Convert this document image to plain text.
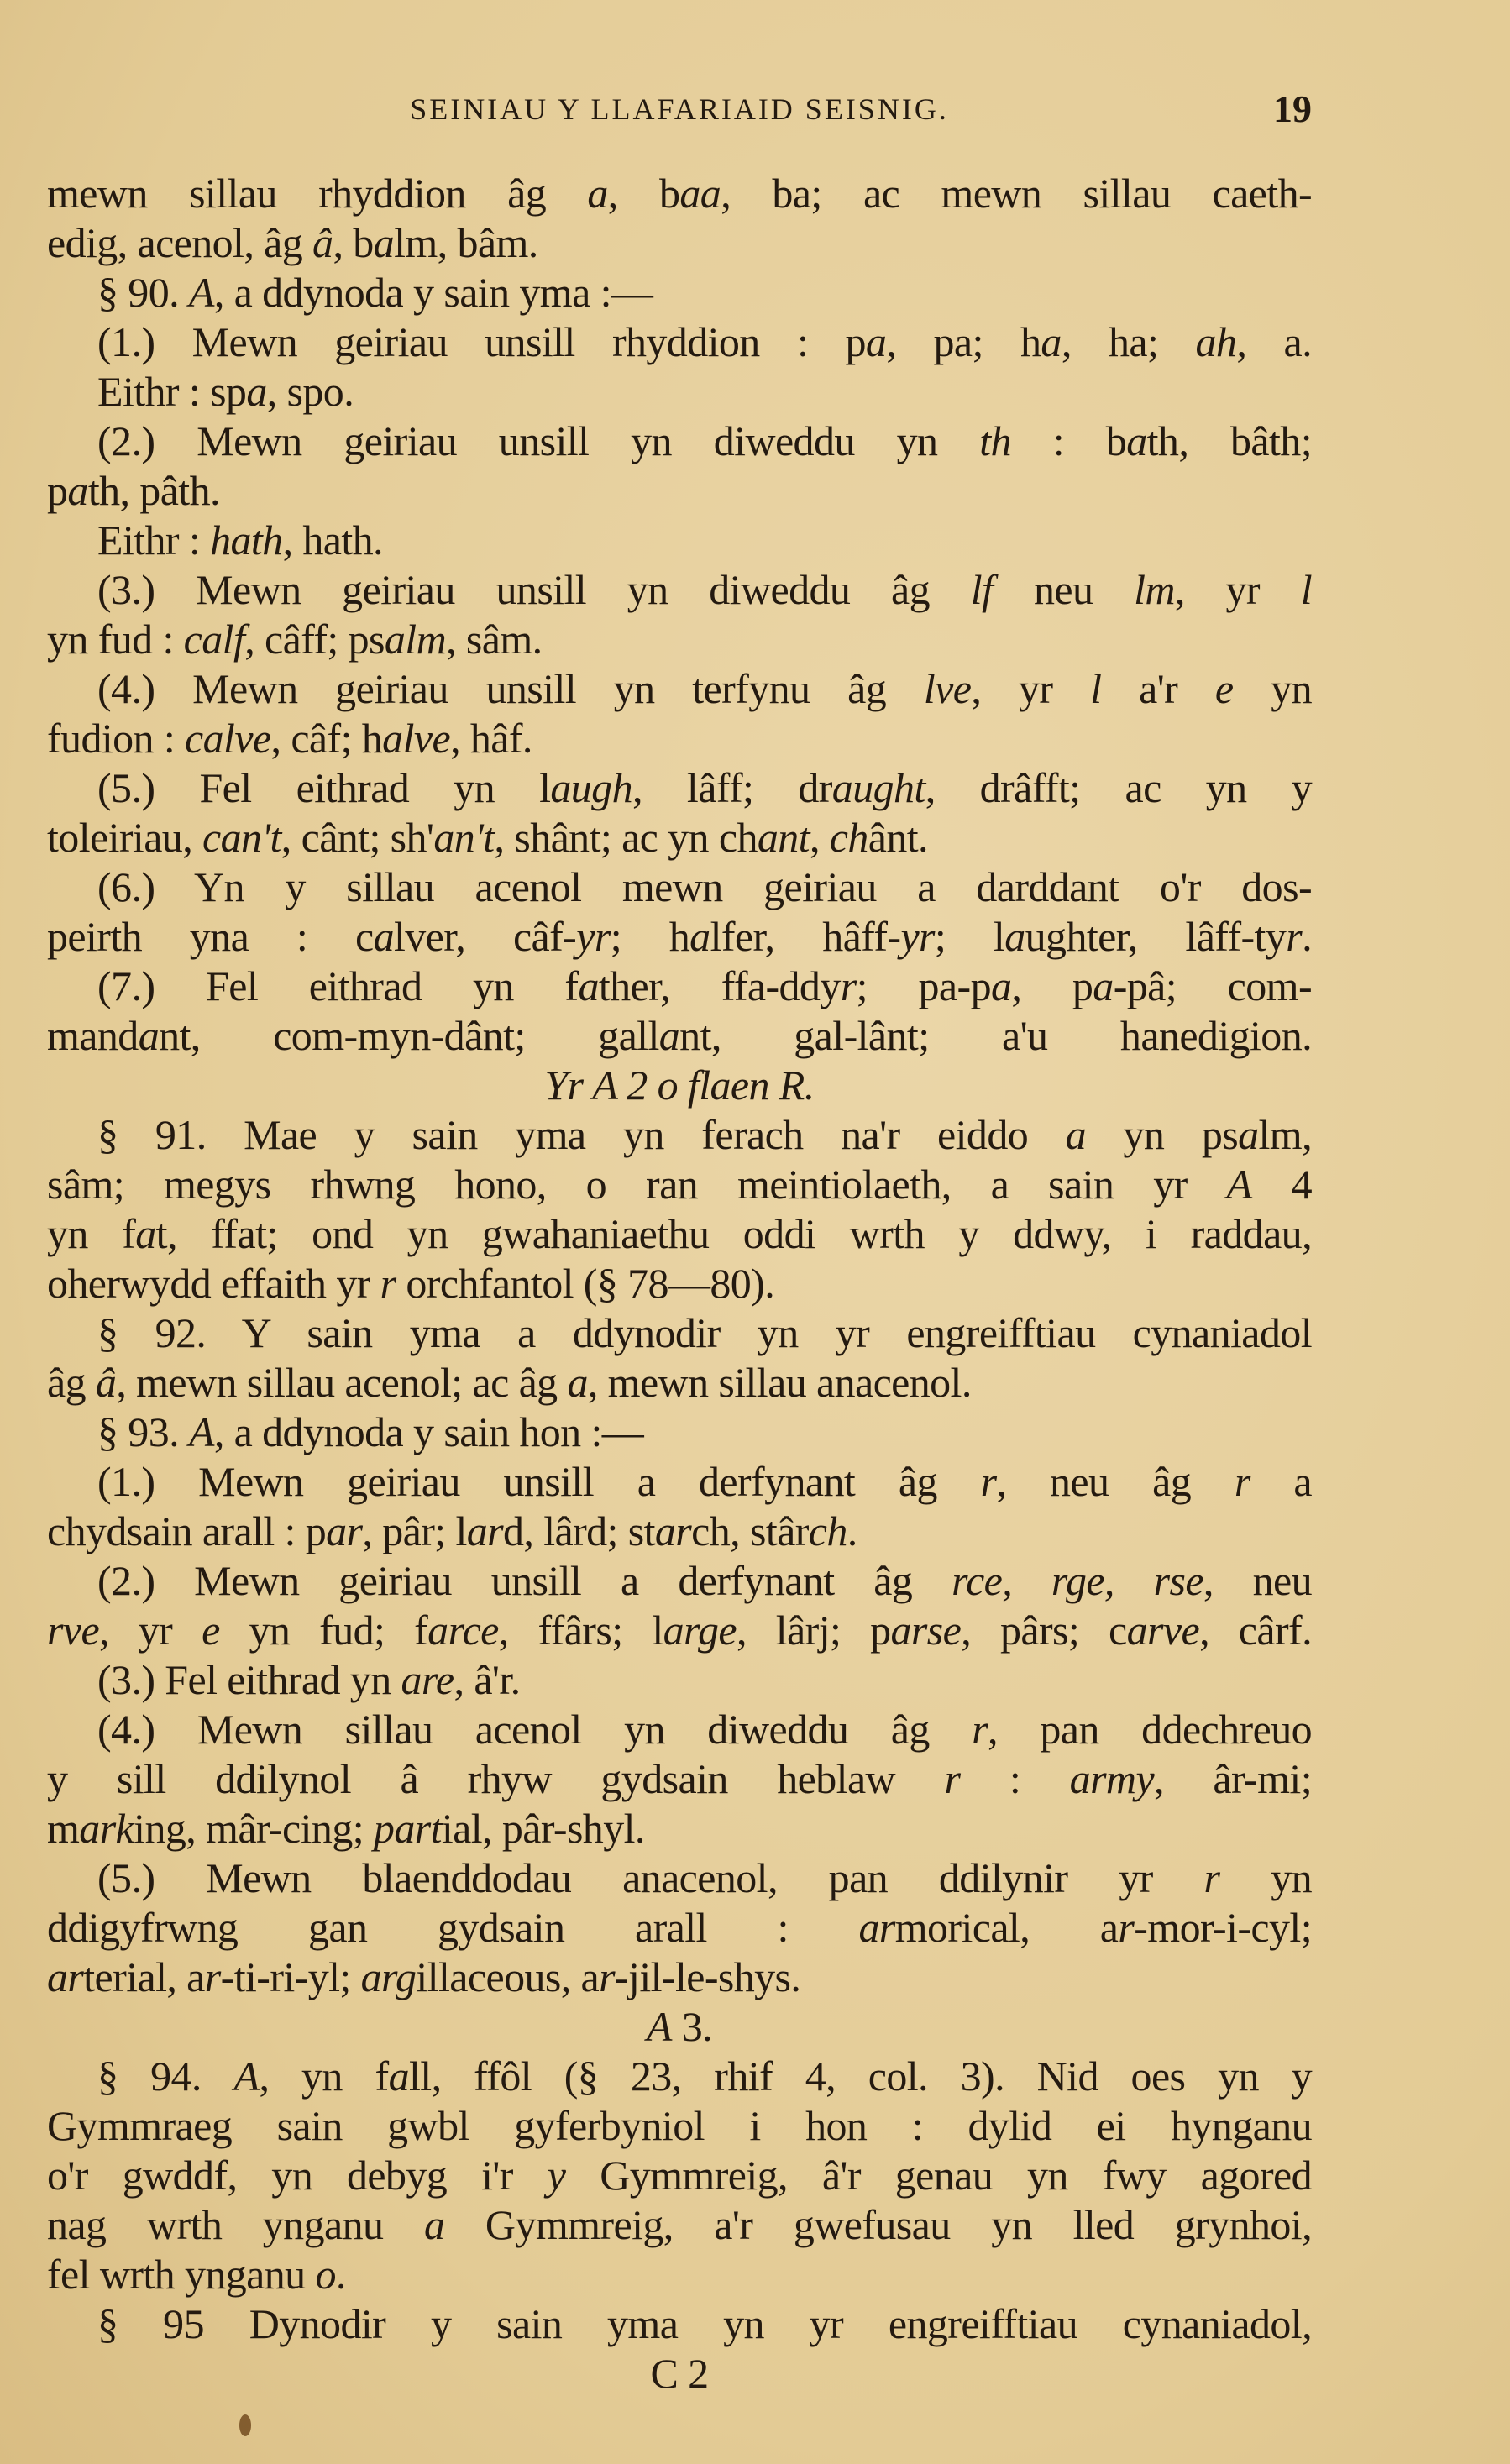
SEINIAU Y LLAFARIAID SEISNIG.	19
mewn sillau rhyddion âg a, baa, ba; ac mewn sillau caeth-
edig, acenol, âg â, balm, bâm.
§ 90. A, a ddynoda y sain yma :—
(1.) Mewn geiriau unsill rhyddion : pa, pa; ha, ha; ah, a.
Eithr : spa, spo.
(2.) Mewn geiriau unsill yn diweddu yn th : bath, bâth;
path, pâth.
Eithr : hath, hath.
(3.) Mewn geiriau unsill yn diweddu âg lf neu lm, yr l
yn fud : calf, câff; psalm, sâm.
(4.) Mewn geiriau unsill yn terfynu âg lve, yr l a'r e yn
fudion : calve, câf; halve, hâf.
(5.) Fel eithrad yn laugh, lâff; draught, drâfft; ac yn y
toleiriau, can't, cânt; sh'an't, shânt; ac yn chant, chânt.
(6.) Yn y sillau acenol mewn geiriau a darddant o'r dos-
peirth yna : calver, câf-yr; halfer, hâff-yr; laughter, lâff-tyr.
(7.) Fel eithrad yn father, ffa-ddyr; pa-pa, pa-pâ; com-
mandant, com-myn-dânt; gallant, gal-lânt; a'u hanedigion.
Yr A 2 o flaen R.
§ 91. Mae y sain yma yn ferach na'r eiddo a yn psalm,
sâm; megys rhwng hono, o ran meintiolaeth, a sain yr A 4
yn fat, ffat; ond yn gwahaniaethu oddi wrth y ddwy, i raddau,
oherwydd effaith yr r orchfantol (§ 78—80).
§ 92. Y sain yma a ddynodir yn yr engreifftiau cynaniadol
âg â, mewn sillau acenol; ac âg a, mewn sillau anacenol.
§ 93. A, a ddynoda y sain hon :—
(1.) Mewn geiriau unsill a derfynant âg r, neu âg r a
chydsain arall : par, pâr; lard, lârd; starch, stârch.
(2.) Mewn geiriau unsill a derfynant âg rce, rge, rse, neu
rve, yr e yn fud; farce, ffârs; large, lârj; parse, pârs; carve, cârf.
(3.) Fel eithrad yn are, â'r.
(4.) Mewn sillau acenol yn diweddu âg r, pan ddechreuo
y sill ddilynol â rhyw gydsain heblaw r : army, âr-mi;
marking, mâr-cing; partial, pâr-shyl.
(5.) Mewn blaenddodau anacenol, pan ddilynir yr r yn
ddigyfrwng gan gydsain arall : armorical, ar-mor-i-cyl;
arterial, ar-ti-ri-yl; argillaceous, ar-jil-le-shys.
A 3.
§ 94. A, yn fall, ffôl (§ 23, rhif 4, col. 3). Nid oes yn y
Gymmraeg sain gwbl gyferbyniol i hon : dylid ei hynganu
o'r gwddf, yn debyg i'r y Gymmreig, â'r genau yn fwy agored
nag wrth ynganu a Gymmreig, a'r gwefusau yn lled grynhoi,
fel wrth ynganu o.
§ 95 Dynodir y sain yma yn yr engreifftiau cynaniadol,
C 2
